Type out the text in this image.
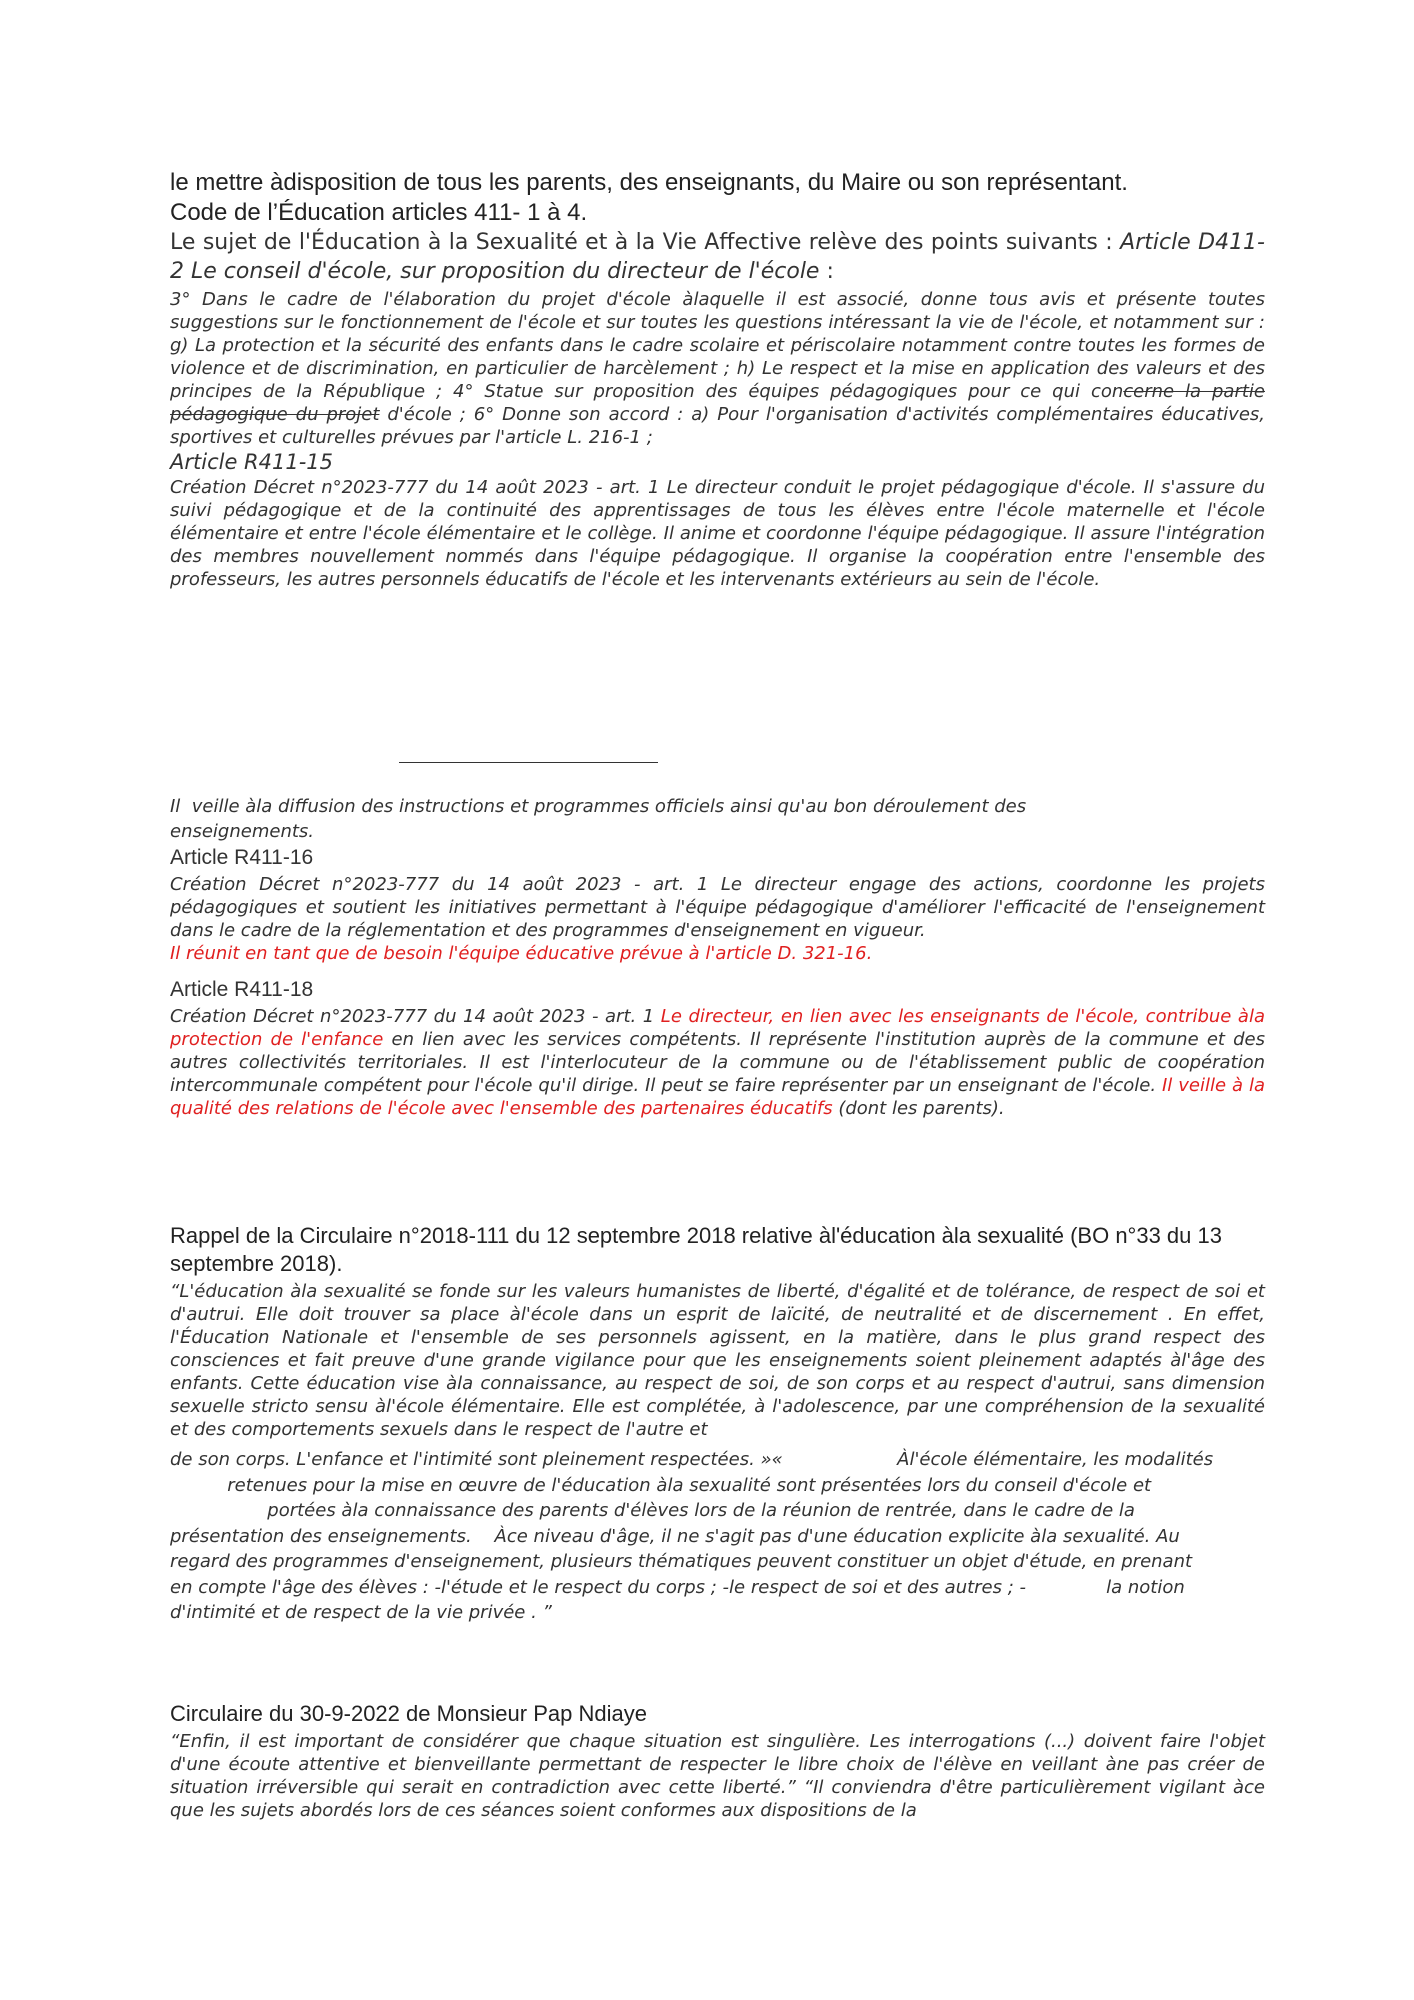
le mettre àdisposition de tous les parents, des enseignants, du Maire ou son représentant.
Code de l’Éducation articles 411- 1 à 4.
Le sujet de l'Éducation à la Sexualité et à la Vie Affective relève des points suivants : Article D411-2 Le conseil d'école, sur proposition du directeur de l'école :
3° Dans le cadre de l'élaboration du projet d'école àlaquelle il est associé, donne tous avis et présente toutes suggestions sur le fonctionnement de l'école et sur toutes les questions intéressant la vie de l'école, et notamment sur : g) La protection et la sécurité des enfants dans le cadre scolaire et périscolaire notamment contre toutes les formes de violence et de discrimination, en particulier de harcèlement ; h) Le respect et la mise en application des valeurs et des principes de la République ; 4° Statue sur proposition des équipes pédagogiques pour ce qui concerne la partie pédagogique du projet d'école ; 6° Donne son accord : a) Pour l'organisation d'activités complémentaires éducatives, sportives et culturelles prévues par l'article L. 216-1 ;
Article R411-15
Création Décret n°2023-777 du 14 août 2023 - art. 1 Le directeur conduit le projet pédagogique d'école. Il s'assure du suivi pédagogique et de la continuité des apprentissages de tous les élèves entre l'école maternelle et l'école élémentaire et entre l'école élémentaire et le collège. Il anime et coordonne l'équipe pédagogique. Il assure l'intégration des membres nouvellement nommés dans l'équipe pédagogique. Il organise la coopération entre l'ensemble des professeurs, les autres personnels éducatifs de l'école et les intervenants extérieurs au sein de l'école.
Il  veille àla diffusion des instructions et programmes officiels ainsi qu'au bon déroulement des
enseignements.
Article R411-16
Création Décret n°2023-777 du 14 août 2023 - art. 1 Le directeur engage des actions, coordonne les projets pédagogiques et soutient les initiatives permettant à l'équipe pédagogique d'améliorer l'efficacité de l'enseignement dans le cadre de la réglementation et des programmes d'enseignement en vigueur.
Il réunit en tant que de besoin l'équipe éducative prévue à l'article D. 321-16.
Article R411-18
Création Décret n°2023-777 du 14 août 2023 - art. 1 Le directeur, en lien avec les enseignants de l'école, contribue àla protection de l'enfance en lien avec les services compétents. Il représente l'institution auprès de la commune et des autres collectivités territoriales. Il est l'interlocuteur de la commune ou de l'établissement public de coopération intercommunale compétent pour l'école qu'il dirige. Il peut se faire représenter par un enseignant de l'école. Il veille à la qualité des relations de l'école avec l'ensemble des partenaires éducatifs (dont les parents).
Rappel de la Circulaire n°2018-111 du 12 septembre 2018 relative àl'éducation àla sexualité (BO n°33 du 13 septembre 2018).
“L'éducation àla sexualité se fonde sur les valeurs humanistes de liberté, d'égalité et de tolérance, de respect de soi et d'autrui. Elle doit trouver sa place àl'école dans un esprit de laïcité, de neutralité et de discernement . En effet, l'Éducation Nationale et l'ensemble de ses personnels agissent, en la matière, dans le plus grand respect des consciences et fait preuve d'une grande vigilance pour que les enseignements soient pleinement adaptés àl'âge des enfants. Cette éducation vise àla connaissance, au respect de soi, de son corps et au respect d'autrui, sans dimension sexuelle stricto sensu àl'école élémentaire. Elle est complétée, à l'adolescence, par une compréhension de la sexualité et des comportements sexuels dans le respect de l'autre et
de son corps. L'enfance et l'intimité sont pleinement respectées. »«                    Àl'école élémentaire, les modalités
retenues pour la mise en œuvre de l'éducation àla sexualité sont présentées lors du conseil d'école et
portées àla connaissance des parents d'élèves lors de la réunion de rentrée, dans le cadre de la
présentation des enseignements.    Àce niveau d'âge, il ne s'agit pas d'une éducation explicite àla sexualité. Au
regard des programmes d'enseignement, plusieurs thématiques peuvent constituer un objet d'étude, en prenant
en compte l'âge des élèves : -l'étude et le respect du corps ; -le respect de soi et des autres ; -              la notion
d'intimité et de respect de la vie privée . ”
Circulaire du 30-9-2022 de Monsieur Pap Ndiaye
“Enfin, il est important de considérer que chaque situation est singulière. Les interrogations (...) doivent faire l'objet d'une écoute attentive et bienveillante permettant de respecter le libre choix de l'élève en veillant àne pas créer de situation irréversible qui serait en contradiction avec cette liberté.” “Il conviendra d'être particulièrement vigilant àce que les sujets abordés lors de ces séances soient conformes aux dispositions de la
